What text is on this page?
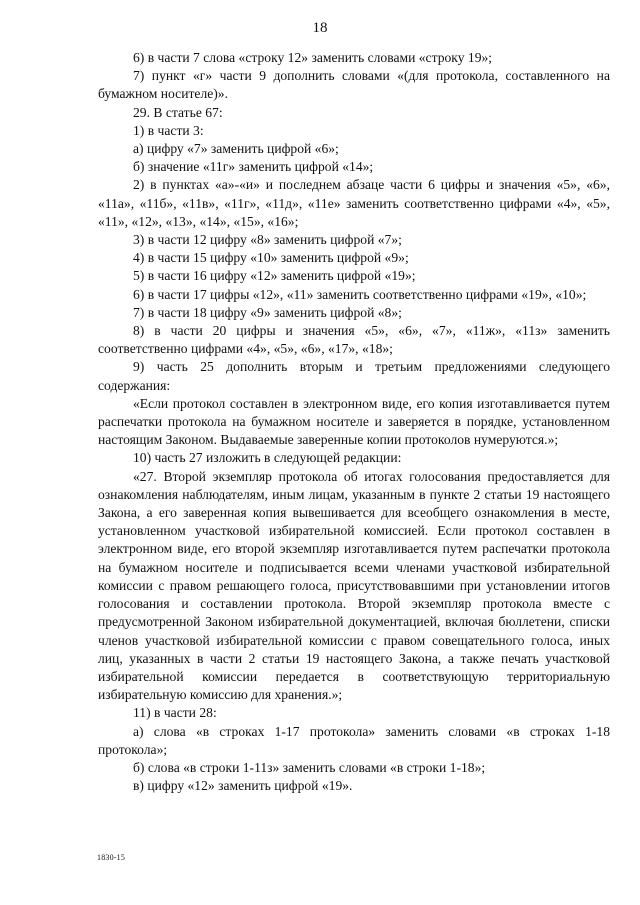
18

6) в части 7 слова «строку 12» заменить словами «строку 19»;

7) пункт «г» части 9 дополнить словами «(для протокола, составленного на бумажном носителе)».

29. В статье 67:

1) в части 3:

а) цифру «7» заменить цифрой «6»;

б) значение «11г» заменить цифрой «14»;

2) в пунктах «а»-«и» и последнем абзаце части 6 цифры и значения «5», «6», «11а», «11б», «11в», «11г», «11д», «11е» заменить соответственно цифрами «4», «5», «11», «12», «13», «14», «15», «16»;

3) в части 12 цифру «8» заменить цифрой «7»;

4) в части 15 цифру «10» заменить цифрой «9»;

5) в части 16 цифру «12» заменить цифрой «19»;

6) в части 17 цифры «12», «11» заменить соответственно цифрами «19», «10»;

7) в части 18 цифру «9» заменить цифрой «8»;

8) в части 20 цифры и значения «5», «6», «7», «11ж», «11з» заменить соответственно цифрами «4», «5», «6», «17», «18»;

9) часть 25 дополнить вторым и третьим предложениями следующего содержания:

«Если протокол составлен в электронном виде, его копия изготавливается путем распечатки протокола на бумажном носителе и заверяется в порядке, установленном настоящим Законом. Выдаваемые заверенные копии протоколов нумеруются.»;

10) часть 27 изложить в следующей редакции:

«27. Второй экземпляр протокола об итогах голосования предоставляется для ознакомления наблюдателям, иным лицам, указанным в пункте 2 статьи 19 настоящего Закона, а его заверенная копия вывешивается для всеобщего ознакомления в месте, установленном участковой избирательной комиссией. Если протокол составлен в электронном виде, его второй экземпляр изготавливается путем распечатки протокола на бумажном носителе и подписывается всеми членами участковой избирательной комиссии с правом решающего голоса, присутствовавшими при установлении итогов голосования и составлении протокола. Второй экземпляр протокола вместе с предусмотренной Законом избирательной документацией, включая бюллетени, списки членов участковой избирательной комиссии с правом совещательного голоса, иных лиц, указанных в части 2 статьи 19 настоящего Закона, а также печать участковой избирательной комиссии передается в соответствующую территориальную избирательную комиссию для хранения.»;

11) в части 28:

а) слова «в строках 1-17 протокола» заменить словами «в строках 1-18 протокола»;

б) слова «в строки 1-11з» заменить словами «в строки 1-18»;

в) цифру «12» заменить цифрой «19».

1830-15
